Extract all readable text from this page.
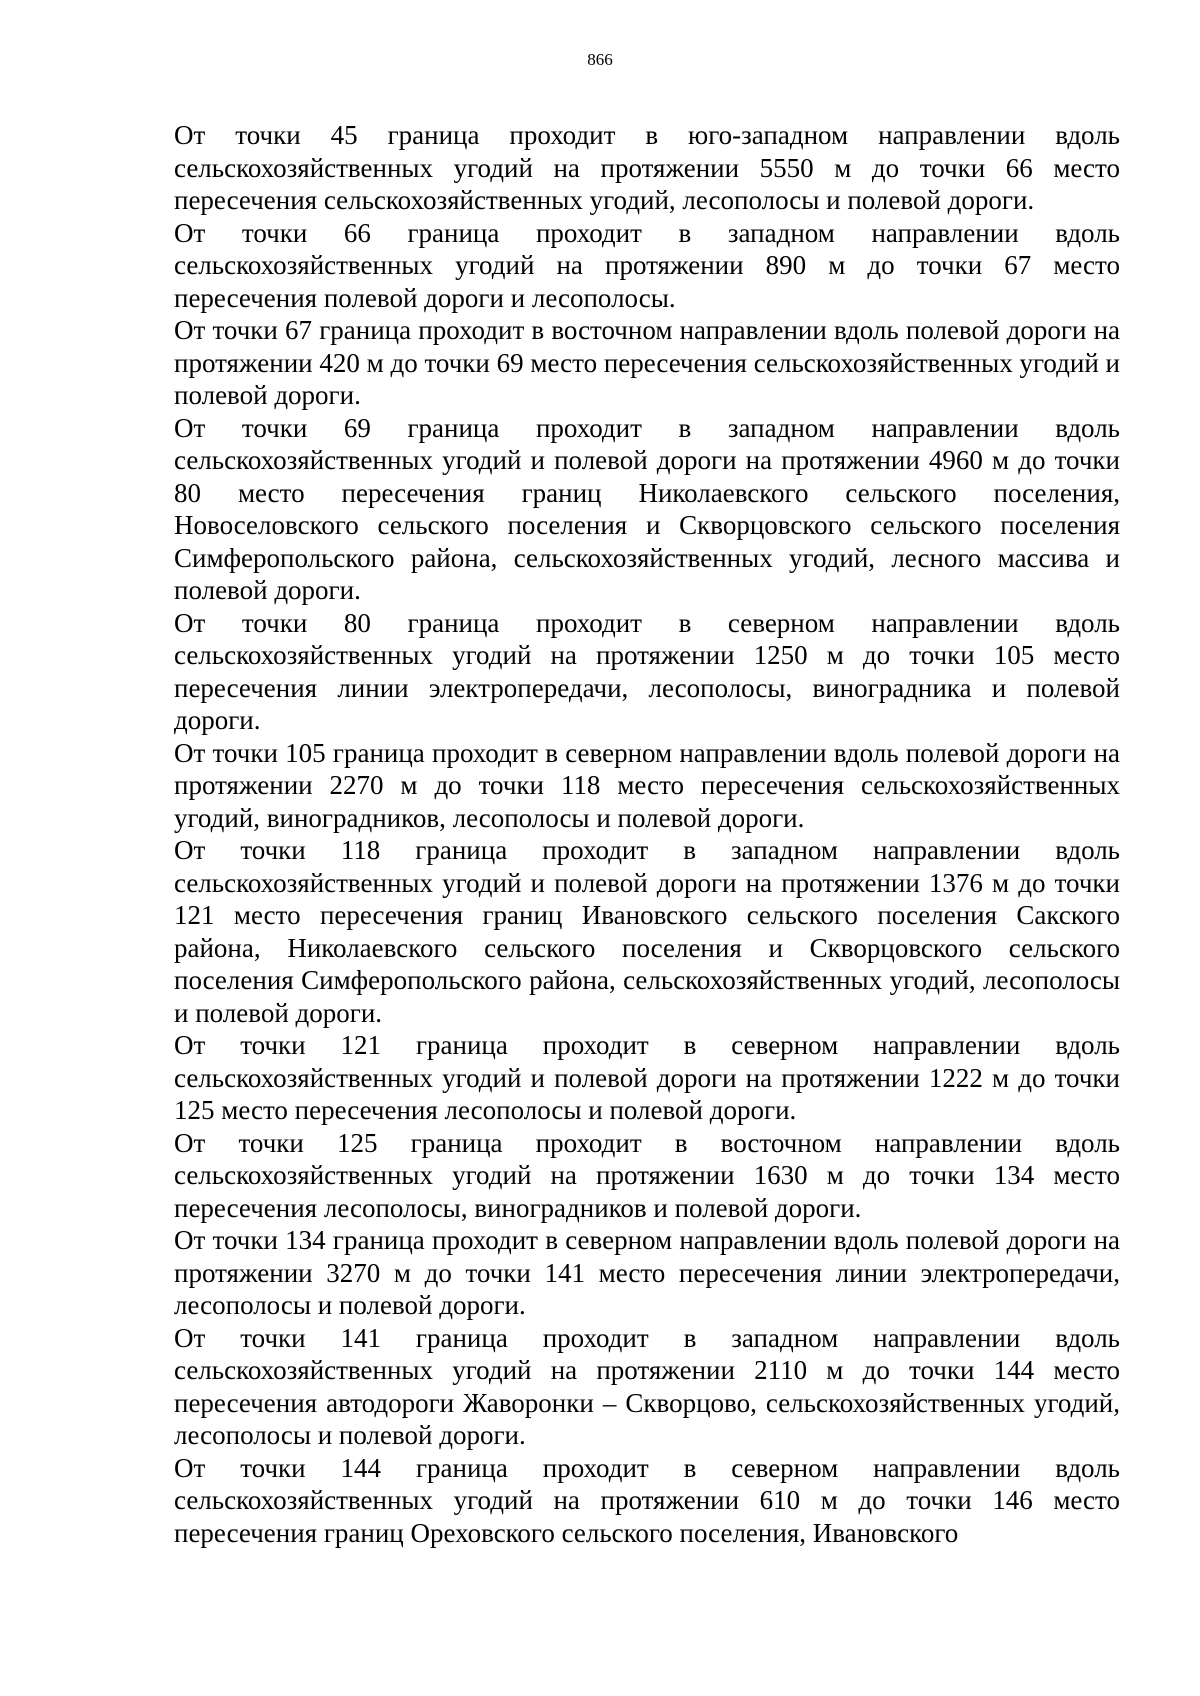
866

От точки 45 граница проходит в юго-западном направлении вдоль сельскохозяйственных угодий на протяжении 5550 м до точки 66 место пересечения сельскохозяйственных угодий, лесополосы и полевой дороги.

От точки 66 граница проходит в западном направлении вдоль сельскохозяйственных угодий на протяжении 890 м до точки 67 место пересечения полевой дороги и лесополосы.

От точки 67 граница проходит в восточном направлении вдоль полевой дороги на протяжении 420 м до точки 69 место пересечения сельскохозяйственных угодий и полевой дороги.

От точки 69 граница проходит в западном направлении вдоль сельскохозяйственных угодий и полевой дороги на протяжении 4960 м до точки 80 место пересечения границ Николаевского сельского поселения, Новоселовского сельского поселения и Скворцовского сельского поселения Симферопольского района, сельскохозяйственных угодий, лесного массива и полевой дороги.

От точки 80 граница проходит в северном направлении вдоль сельскохозяйственных угодий на протяжении 1250 м до точки 105 место пересечения линии электропередачи, лесополосы, виноградника и полевой дороги.

От точки 105 граница проходит в северном направлении вдоль полевой дороги на протяжении 2270 м до точки 118 место пересечения сельскохозяйственных угодий, виноградников, лесополосы и полевой дороги.

От точки 118 граница проходит в западном направлении вдоль сельскохозяйственных угодий и полевой дороги на протяжении 1376 м до точки 121 место пересечения границ Ивановского сельского поселения Сакского района, Николаевского сельского поселения и Скворцовского сельского поселения Симферопольского района, сельскохозяйственных угодий, лесополосы и полевой дороги.

От точки 121 граница проходит в северном направлении вдоль сельскохозяйственных угодий и полевой дороги на протяжении 1222 м до точки 125 место пересечения лесополосы и полевой дороги.

От точки 125 граница проходит в восточном направлении вдоль сельскохозяйственных угодий на протяжении 1630 м до точки 134 место пересечения лесополосы, виноградников и полевой дороги.

От точки 134 граница проходит в северном направлении вдоль полевой дороги на протяжении 3270 м до точки 141 место пересечения линии электропередачи, лесополосы и полевой дороги.

От точки 141 граница проходит в западном направлении вдоль сельскохозяйственных угодий на протяжении 2110 м до точки 144 место пересечения автодороги Жаворонки – Скворцово, сельскохозяйственных угодий, лесополосы и полевой дороги.

От точки 144 граница проходит в северном направлении вдоль сельскохозяйственных угодий на протяжении 610 м до точки 146 место пересечения границ Ореховского сельского поселения, Ивановского
